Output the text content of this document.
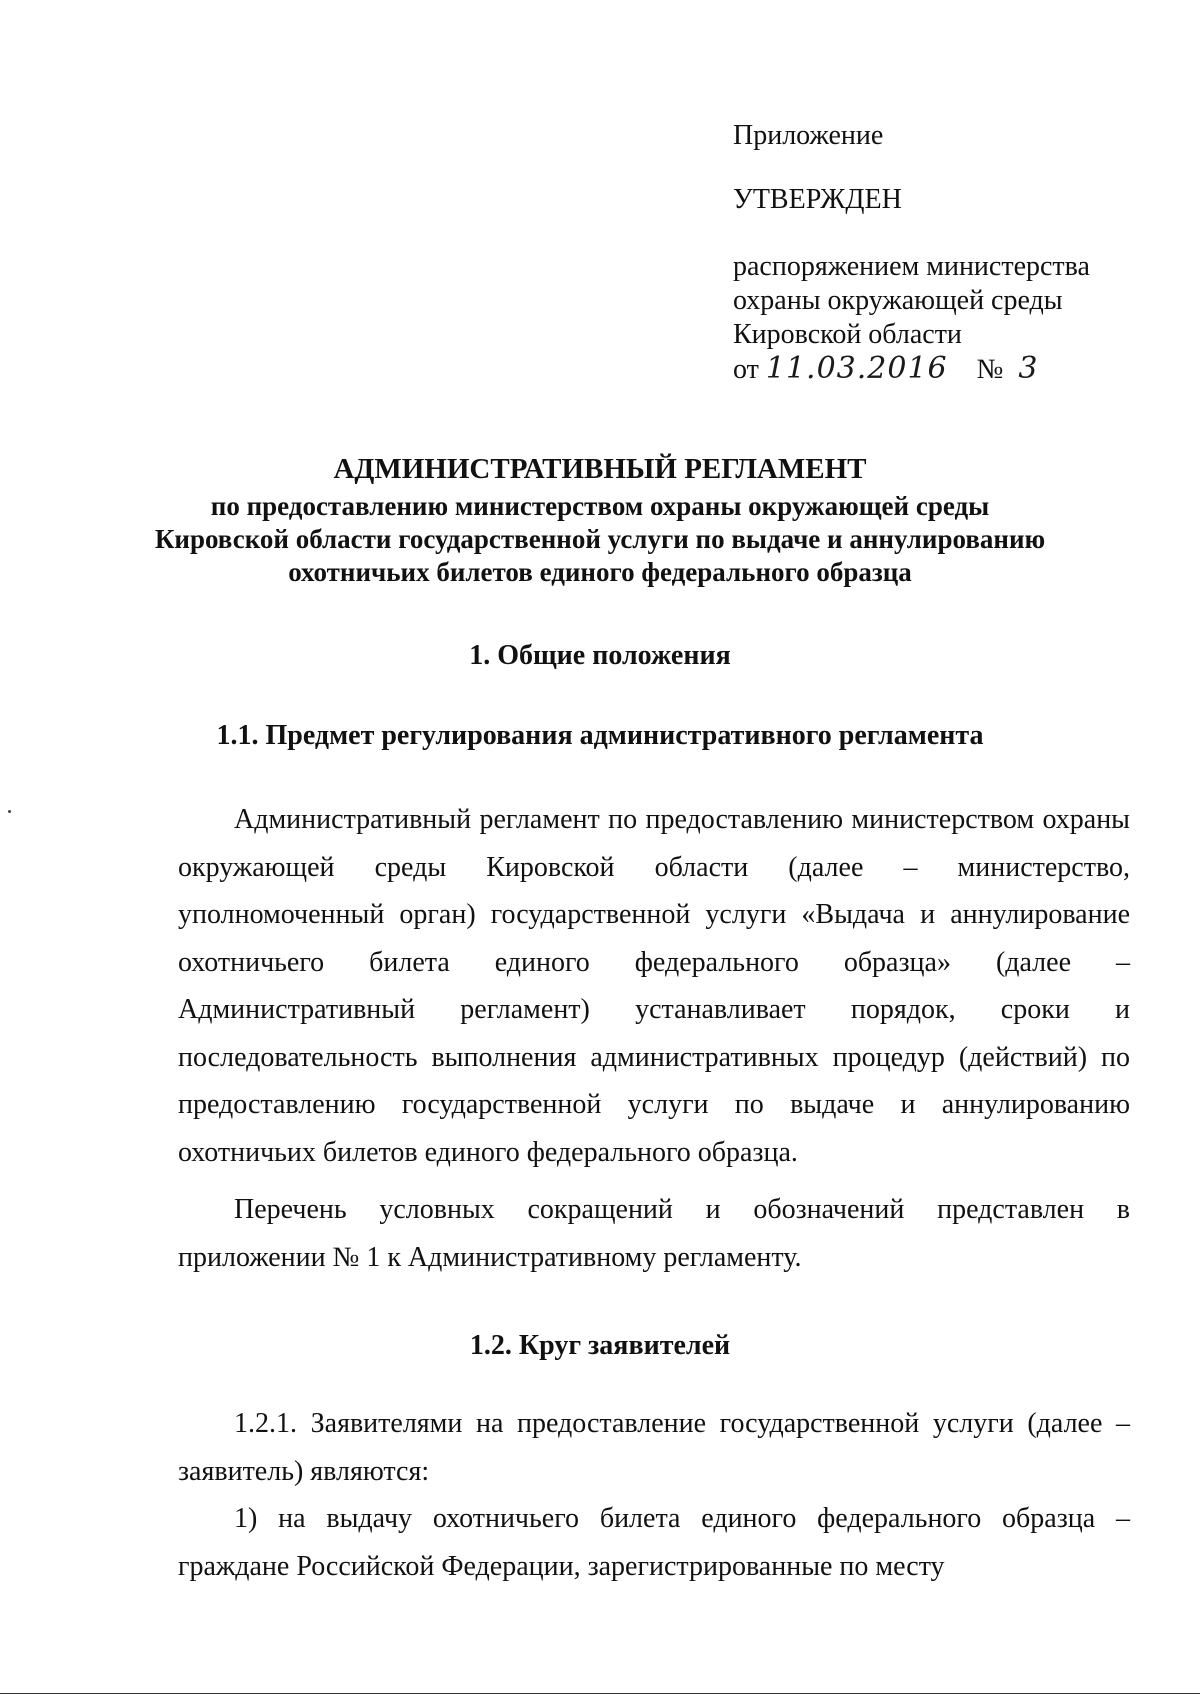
Приложение
УТВЕРЖДЕН
распоряжением министерства
охраны окружающей среды
Кировской области
от 11.03.2016 № 3
АДМИНИСТРАТИВНЫЙ РЕГЛАМЕНТ
по предоставлению министерством охраны окружающей среды
Кировской области государственной услуги по выдаче и аннулированию
охотничьих билетов единого федерального образца
1. Общие положения
1.1. Предмет регулирования административного регламента
Административный регламент по предоставлению министерством охраны окружающей среды Кировской области (далее – министерство, уполномоченный орган) государственной услуги «Выдача и аннулирование охотничьего билета единого федерального образца» (далее – Административный регламент) устанавливает порядок, сроки и последовательность выполнения административных процедур (действий) по предоставлению государственной услуги по выдаче и аннулированию охотничьих билетов единого федерального образца.
Перечень условных сокращений и обозначений представлен в приложении № 1 к Административному регламенту.
1.2. Круг заявителей
1.2.1. Заявителями на предоставление государственной услуги (далее – заявитель) являются:
1) на выдачу охотничьего билета единого федерального образца – граждане Российской Федерации, зарегистрированные по месту
